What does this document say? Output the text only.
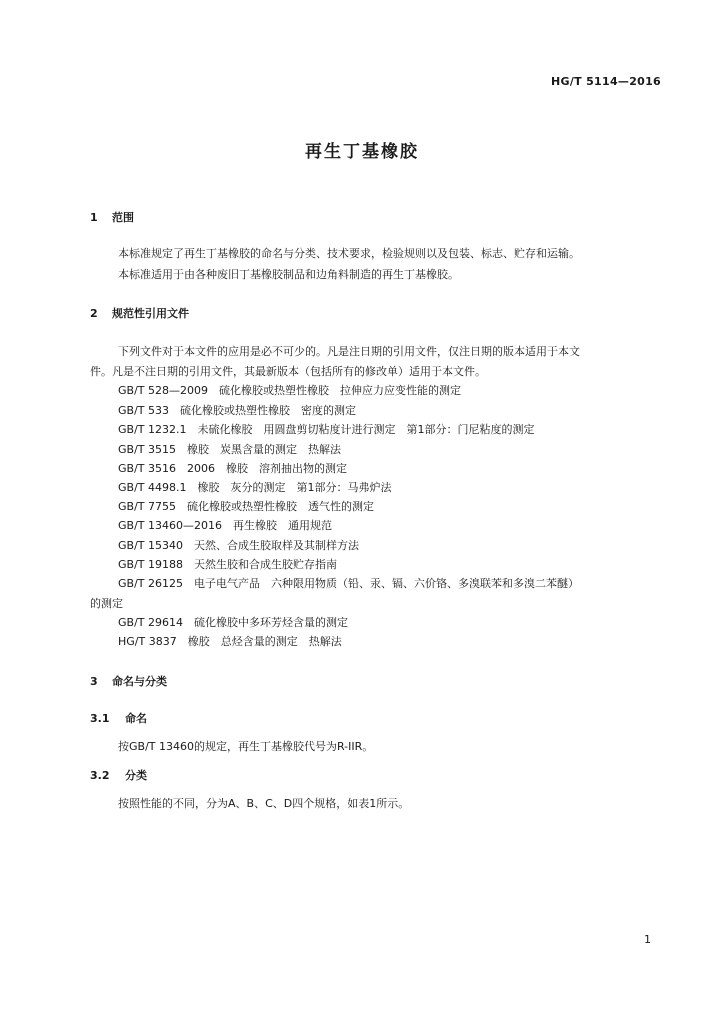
HG/T 5114—2016
再生丁基橡胶
1 范围
本标准规定了再生丁基橡胶的命名与分类、技术要求，检验规则以及包装、标志、贮存和运输。
本标准适用于由各种废旧丁基橡胶制品和边角料制造的再生丁基橡胶。
2 规范性引用文件
下列文件对于本文件的应用是必不可少的。凡是注日期的引用文件，仅注日期的版本适用于本文
件。凡是不注日期的引用文件，其最新版本（包括所有的修改单）适用于本文件。
GB/T 528—2009　硫化橡胶或热塑性橡胶　拉伸应力应变性能的测定
GB/T 533　硫化橡胶或热塑性橡胶　密度的测定
GB/T 1232.1　未硫化橡胶　用圆盘剪切粘度计进行测定　第1部分：门尼粘度的测定
GB/T 3515　橡胶　炭黑含量的测定　热解法
GB/T 3516　2006　橡胶　溶剂抽出物的测定
GB/T 4498.1　橡胶　灰分的测定　第1部分：马弗炉法
GB/T 7755　硫化橡胶或热塑性橡胶　透气性的测定
GB/T 13460—2016　再生橡胶　通用规范
GB/T 15340　天然、合成生胶取样及其制样方法
GB/T 19188　天然生胶和合成生胶贮存指南
GB/T 26125　电子电气产品　六种限用物质（铅、汞、镉、六价铬、多溴联苯和多溴二苯醚）
的测定
GB/T 29614　硫化橡胶中多环芳烃含量的测定
HG/T 3837　橡胶　总烃含量的测定　热解法
3 命名与分类
3.1 命名
按GB/T 13460的规定，再生丁基橡胶代号为R-IIR。
3.2 分类
按照性能的不同，分为A、B、C、D四个规格，如表1所示。
1
